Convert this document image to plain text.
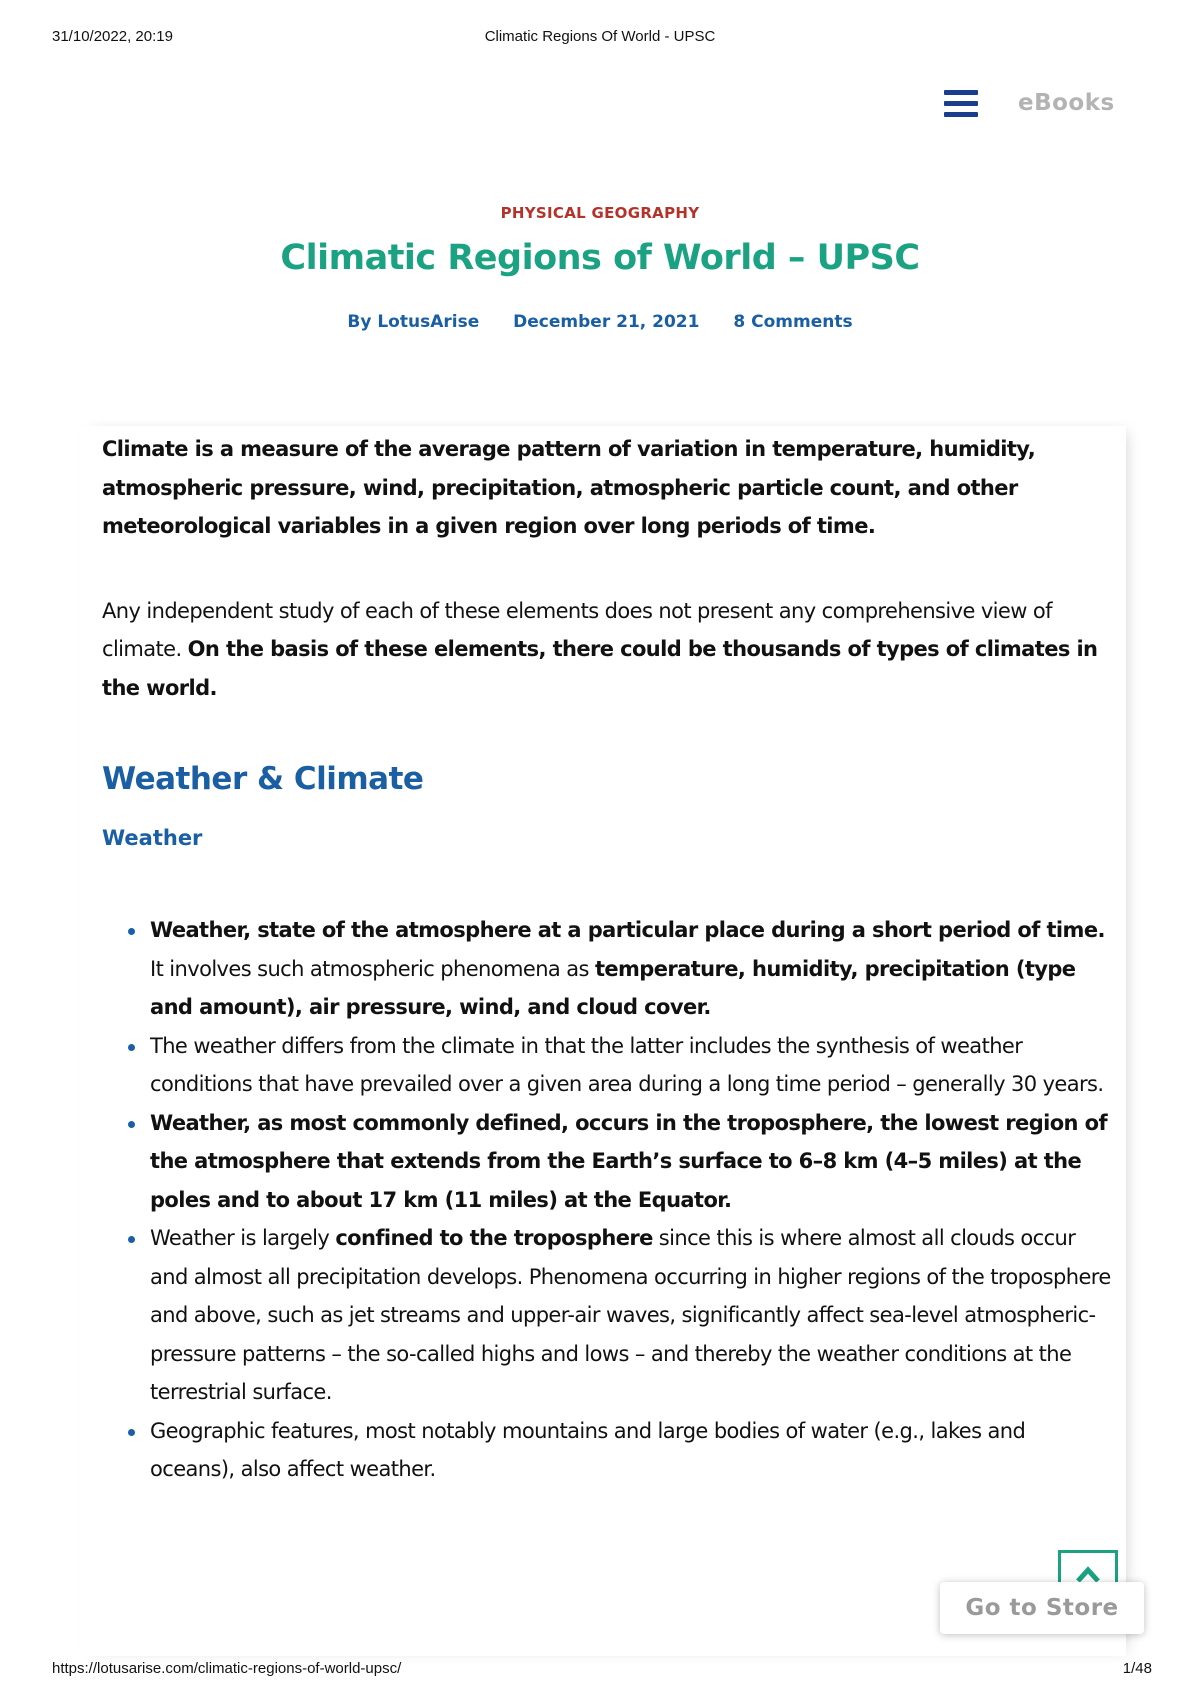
31/10/2022, 20:19	Climatic Regions Of World - UPSC
eBooks
PHYSICAL GEOGRAPHY
Climatic Regions of World – UPSC
By LotusArise December 21, 2021 8 Comments

Climate is a measure of the average pattern of variation in temperature, humidity, atmospheric pressure, wind, precipitation, atmospheric particle count, and other meteorological variables in a given region over long periods of time.

Any independent study of each of these elements does not present any comprehensive view of climate. On the basis of these elements, there could be thousands of types of climates in the world.

Weather & Climate
Weather
Weather, state of the atmosphere at a particular place during a short period of time. It involves such atmospheric phenomena as temperature, humidity, precipitation (type and amount), air pressure, wind, and cloud cover.
The weather differs from the climate in that the latter includes the synthesis of weather conditions that have prevailed over a given area during a long time period – generally 30 years.
Weather, as most commonly defined, occurs in the troposphere, the lowest region of the atmosphere that extends from the Earth’s surface to 6–8 km (4–5 miles) at the poles and to about 17 km (11 miles) at the Equator.
Weather is largely confined to the troposphere since this is where almost all clouds occur and almost all precipitation develops. Phenomena occurring in higher regions of the troposphere and above, such as jet streams and upper-air waves, significantly affect sea-level atmospheric-pressure patterns – the so-called highs and lows – and thereby the weather conditions at the terrestrial surface.
Geographic features, most notably mountains and large bodies of water (e.g., lakes and oceans), also affect weather.
Go to Store
https://lotusarise.com/climatic-regions-of-world-upsc/	1/48
